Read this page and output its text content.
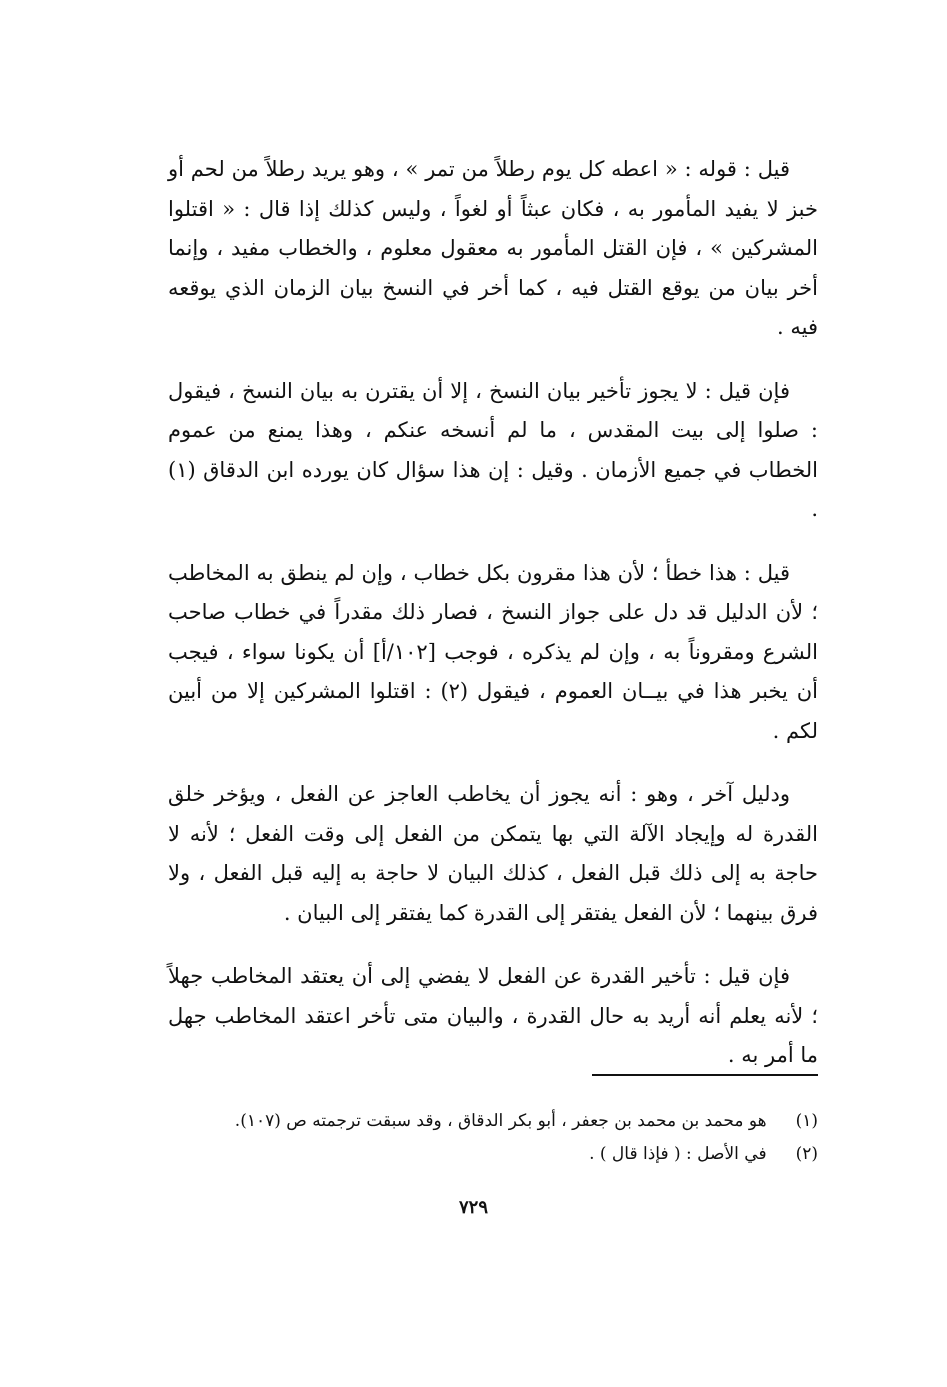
قيل : قوله : « اعطه كل يوم رطلاً من تمر » ، وهو يريد رطلاً من لحم أو خبز لا يفيد المأمور به ، فكان عبثاً أو لغواً ، وليس كذلك إذا قال : « اقتلوا المشركين » ، فإن القتل المأمور به معقول معلوم ، والخطاب مفيد ، وإنما أخر بيان من يوقع القتل فيه ، كما أخر في النسخ بيان الزمان الذي يوقعه فيه .

فإن قيل : لا يجوز تأخير بيان النسخ ، إلا أن يقترن به بيان النسخ ، فيقول : صلوا إلى بيت المقدس ، ما لم أنسخه عنكم ، وهذا يمنع من عموم الخطاب في جميع الأزمان . وقيل : إن هذا سؤال كان يورده ابن الدقاق (١) .

قيل : هذا خطأ ؛ لأن هذا مقرون بكل خطاب ، وإن لم ينطق به المخاطب ؛ لأن الدليل قد دل على جواز النسخ ، فصار ذلك مقدراً في خطاب صاحب الشرع ومقروناً به ، وإن لم يذكره ، فوجب [١٠٢/أ] أن يكونا سواء ، فيجب أن يخبر هذا في بيــان العموم ، فيقول (٢) : اقتلوا المشركين إلا من أبين لكم .

ودليل آخر ، وهو : أنه يجوز أن يخاطب العاجز عن الفعل ، ويؤخر خلق القدرة له وإيجاد الآلة التي بها يتمكن من الفعل إلى وقت الفعل ؛ لأنه لا حاجة به إلى ذلك قبل الفعل ، كذلك البيان لا حاجة به إليه قبل الفعل ، ولا فرق بينهما ؛ لأن الفعل يفتقر إلى القدرة كما يفتقر إلى البيان .

فإن قيل : تأخير القدرة عن الفعل لا يفضي إلى أن يعتقد المخاطب جهلاً ؛ لأنه يعلم أنه أريد به حال القدرة ، والبيان متى تأخر اعتقد المخاطب جهل ما أمر به .

(١) هو محمد بن محمد بن جعفر ، أبو بكر الدقاق ، وقد سبقت ترجمته ص (١٠٧).

(٢) في الأصل : ( فإذا قال ) .

٧٢٩
